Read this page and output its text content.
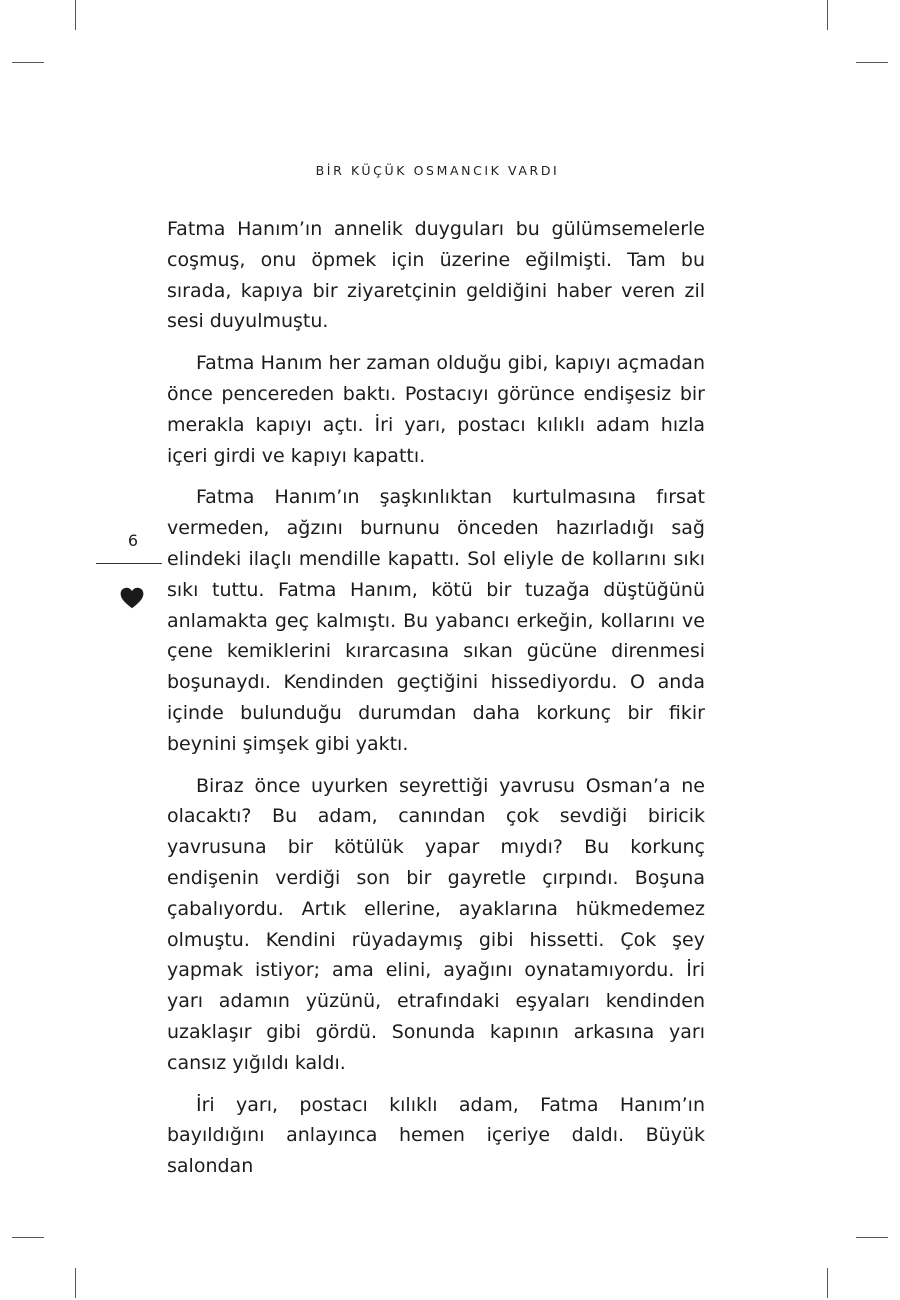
BİR KÜÇÜK OSMANCIK VARDI
6

Fatma Hanım’ın annelik duyguları bu gülümsemelerle coşmuş, onu öpmek için üzerine eğilmişti. Tam bu sırada, kapıya bir ziyaretçinin geldiğini haber veren zil sesi duyulmuştu.

Fatma Hanım her zaman olduğu gibi, kapıyı açmadan önce pencereden baktı. Postacıyı görünce endişesiz bir merakla kapıyı açtı. İri yarı, postacı kılıklı adam hızla içeri girdi ve kapıyı kapattı.

Fatma Hanım’ın şaşkınlıktan kurtulmasına fırsat vermeden, ağzını burnunu önceden hazırladığı sağ elindeki ilaçlı mendille kapattı. Sol eliyle de kollarını sıkı sıkı tuttu. Fatma Hanım, kötü bir tuzağa düştüğünü anlamakta geç kalmıştı. Bu yabancı erkeğin, kollarını ve çene kemiklerini kırarcasına sıkan gücüne direnmesi boşunaydı. Kendinden geçtiğini hissediyordu. O anda içinde bulunduğu durumdan daha korkunç bir fikir beynini şimşek gibi yaktı.

Biraz önce uyurken seyrettiği yavrusu Osman’a ne olacaktı? Bu adam, canından çok sevdiği biricik yavrusuna bir kötülük yapar mıydı? Bu korkunç endişenin verdiği son bir gayretle çırpındı. Boşuna çabalıyordu. Artık ellerine, ayaklarına hükmedemez olmuştu. Kendini rüyadaymış gibi hissetti. Çok şey yapmak istiyor; ama elini, ayağını oynatamıyordu. İri yarı adamın yüzünü, etrafındaki eşyaları kendinden uzaklaşır gibi gördü. Sonunda kapının arkasına yarı cansız yığıldı kaldı.

İri yarı, postacı kılıklı adam, Fatma Hanım’ın bayıldığını anlayınca hemen içeriye daldı. Büyük salondan
